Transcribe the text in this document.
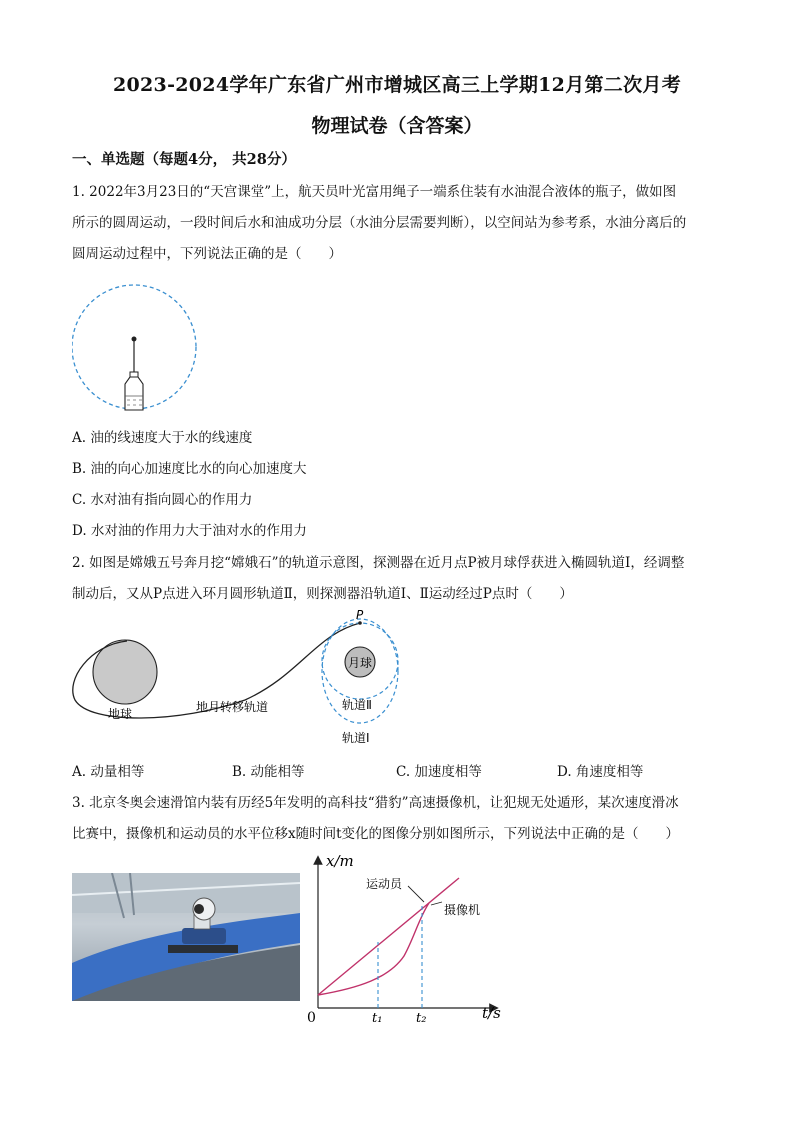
2023-2024学年广东省广州市增城区高三上学期12月第二次月考
物理试卷（含答案）
一、单选题（每题4分， 共28分）
1. 2022年3月23日的“天宫课堂”上，航天员叶光富用绳子一端系住装有水油混合液体的瓶子，做如图
所示的圆周运动，一段时间后水和油成功分层（水油分层需要判断），以空间站为参考系，水油分离后的
圆周运动过程中，下列说法正确的是（　　）
A. 油的线速度大于水的线速度
B. 油的向心加速度比水的向心加速度大
C. 水对油有指向圆心的作用力
D. 水对油的作用力大于油对水的作用力
2. 如图是嫦娥五号奔月挖“嫦娥石”的轨道示意图，探测器在近月点P被月球俘获进入椭圆轨道Ⅰ，经调整
制动后，又从P点进入环月圆形轨道Ⅱ，则探测器沿轨道Ⅰ、Ⅱ运动经过P点时（　　）
P
地球
月球
地月转移轨道	轨道Ⅱ
轨道Ⅰ
A. 动量相等	B. 动能相等	C. 加速度相等	D. 角速度相等
3. 北京冬奥会速滑馆内装有历经5年发明的高科技“猎豹”高速摄像机，让犯规无处遁形，某次速度滑冰
比赛中，摄像机和运动员的水平位移x随时间t变化的图像分别如图所示，下列说法中正确的是（　　）
x/m
t/s
0	t₁	t₂
运动员
摄像机
